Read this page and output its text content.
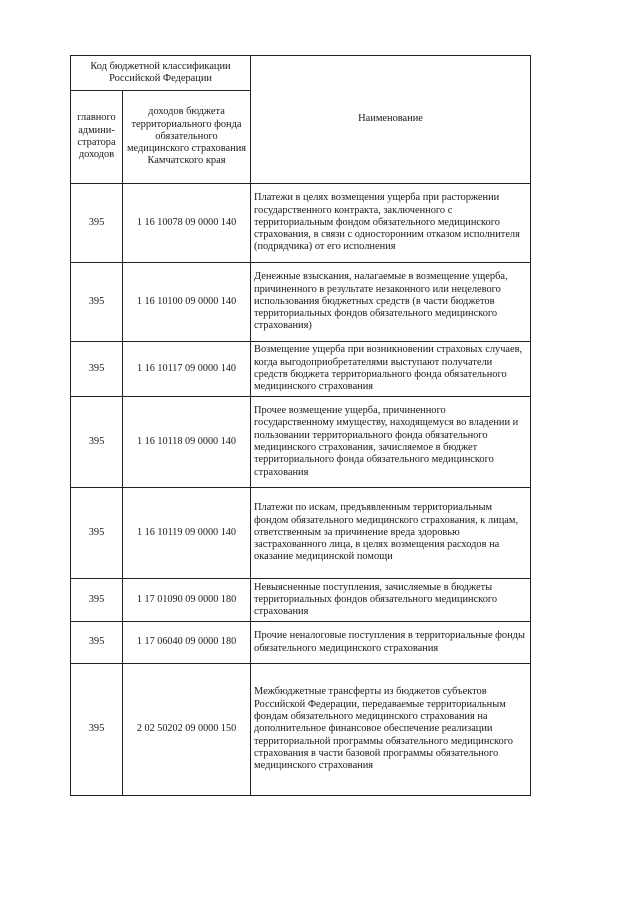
Код бюджетной классификации Российской Федерации		Наименование
главного админи-стратора доходов	доходов бюджета территориального фонда обязательного медицинского страхования Камчатского края	
395	1 16 10078 09 0000 140	Платежи в целях возмещения ущерба при расторжении государственного контракта, заключенного с территориальным фондом обязательного медицинского страхования, в связи с односторонним отказом исполнителя (подрядчика) от его исполнения
395	1 16 10100 09 0000 140	Денежные взыскания, налагаемые в возмещение ущерба, причиненного в результате незаконного или нецелевого использования бюджетных средств (в части бюджетов территориальных фондов обязательного медицинского страхования)
395	1 16 10117 09 0000 140	Возмещение ущерба при возникновении страховых случаев, когда выгодоприобретателями выступают получатели средств бюджета территориального фонда обязательного медицинского страхования
395	1 16 10118 09 0000 140	Прочее возмещение ущерба, причиненного государственному имуществу, находящемуся во владении и пользовании территориального фонда обязательного медицинского страхования, зачисляемое в бюджет территориального фонда обязательного медицинского страхования
395	1 16 10119 09 0000 140	Платежи по искам, предъявленным территориальным фондом обязательного медицинского страхования, к лицам, ответственным за причинение вреда здоровью застрахованного лица, в целях возмещения расходов на оказание медицинской помощи
395	1 17 01090 09 0000 180	Невыясненные поступления, зачисляемые в бюджеты территориальных фондов обязательного медицинского страхования
395	1 17 06040 09 0000 180	Прочие неналоговые поступления в территориальные фонды обязательного медицинского страхования
395	2 02 50202 09 0000 150	Межбюджетные трансферты из бюджетов субъектов Российской Федерации, передаваемые территориальным фондам обязательного медицинского страхования на дополнительное финансовое обеспечение реализации территориальной программы обязательного медицинского страхования в части базовой программы обязательного медицинского страхования
